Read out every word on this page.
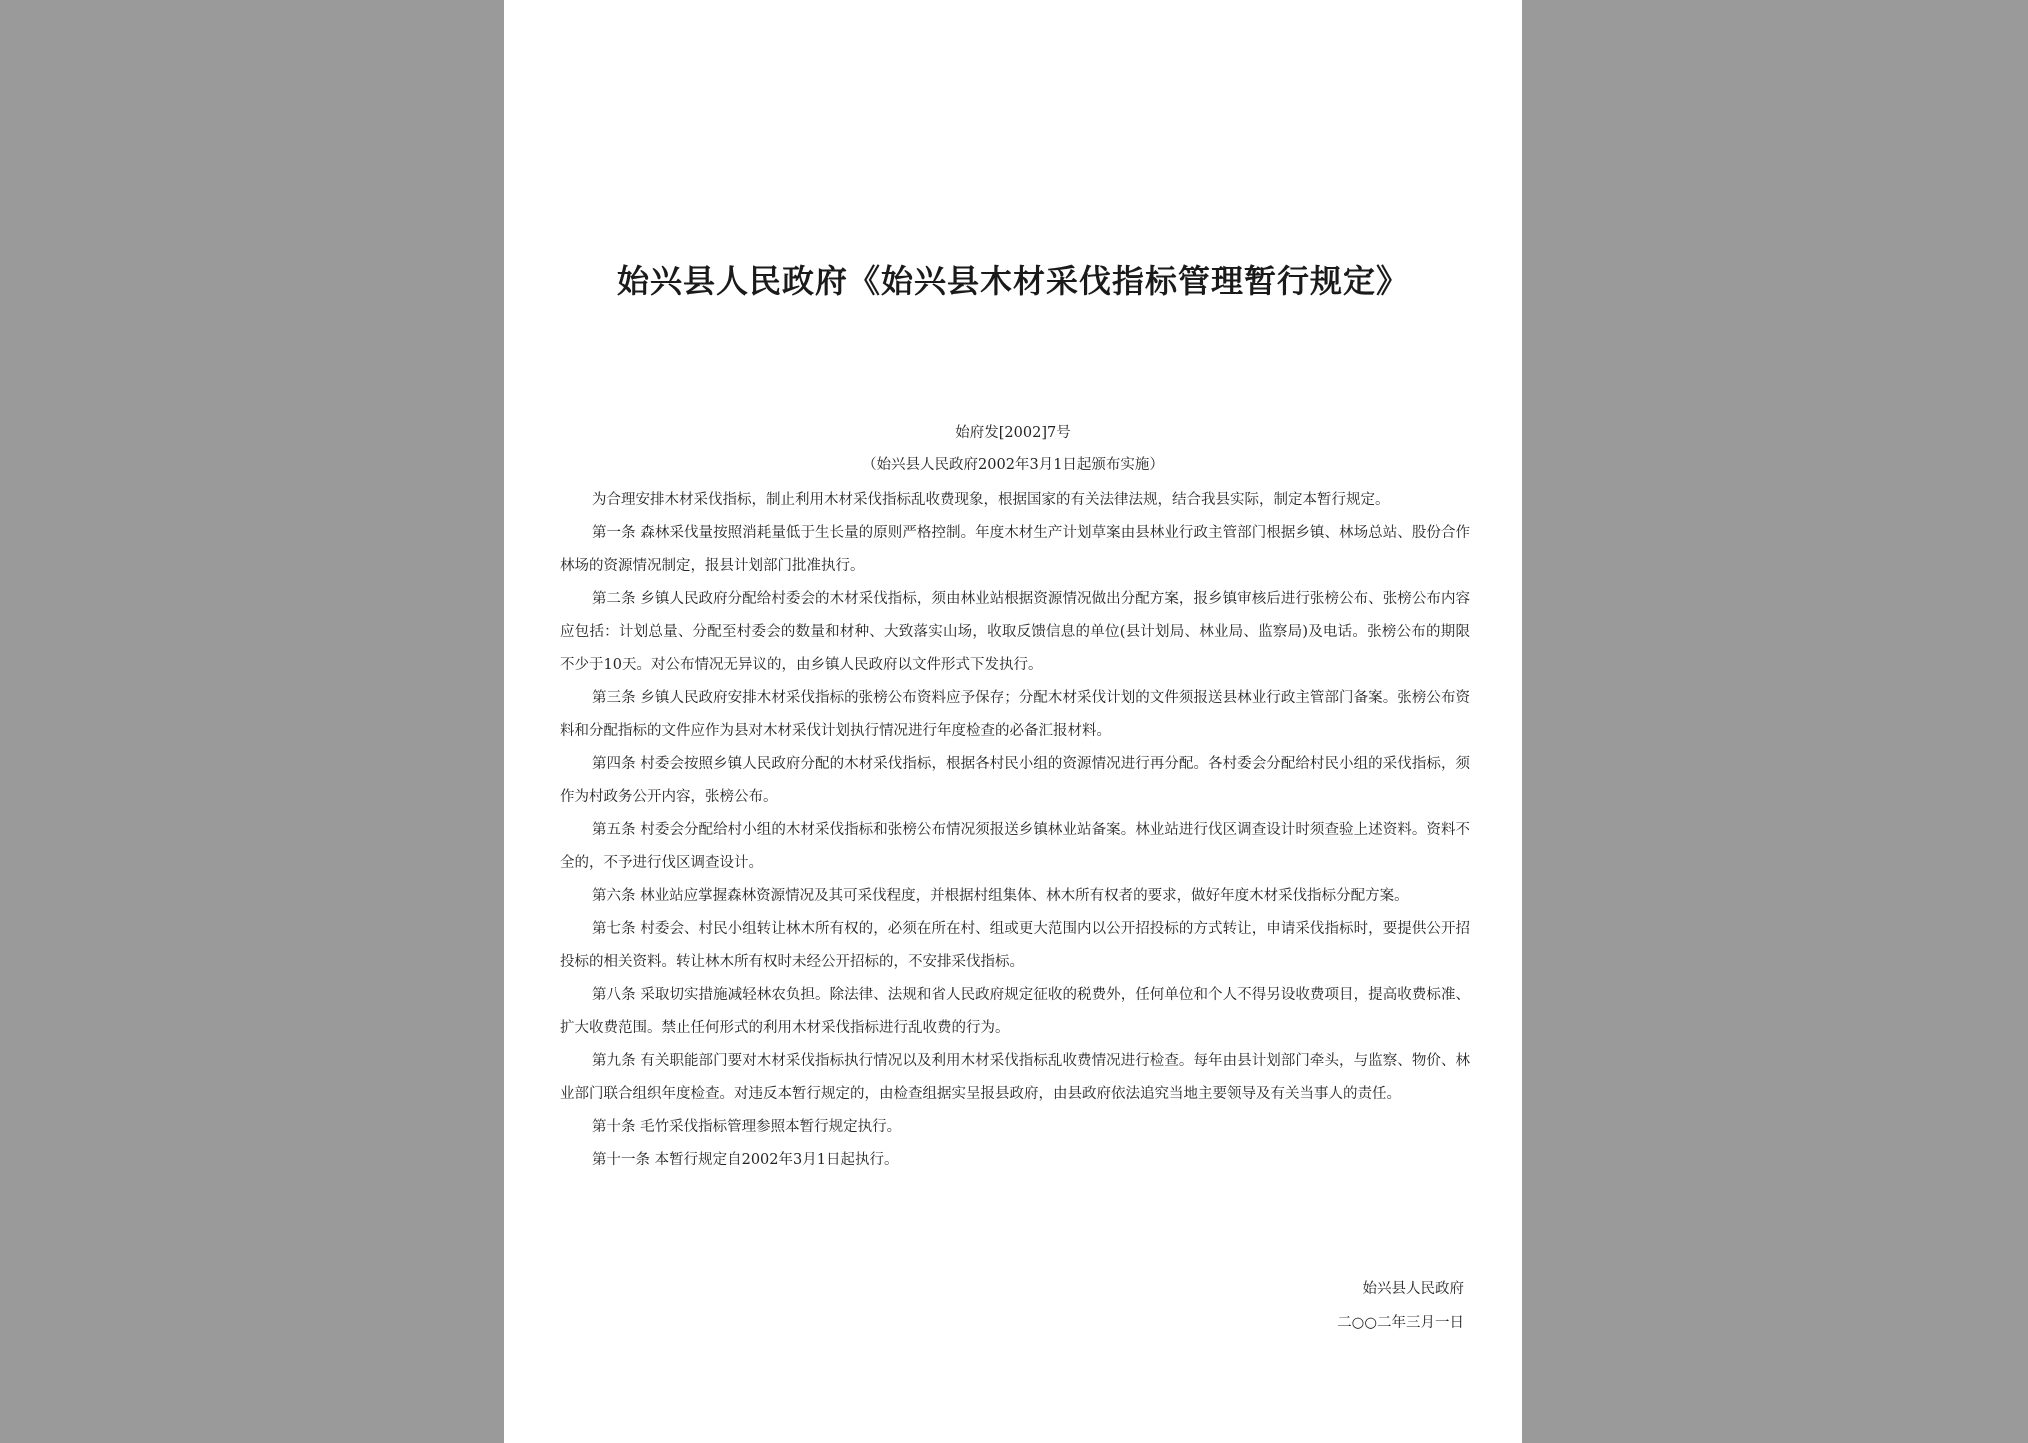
始兴县人民政府《始兴县木材采伐指标管理暂行规定》
始府发[2002]7号
（始兴县人民政府2002年3月1日起颁布实施）

为合理安排木材采伐指标，制止利用木材采伐指标乱收费现象，根据国家的有关法律法规，结合我县实际，制定本暂行规定。

第一条 森林采伐量按照消耗量低于生长量的原则严格控制。年度木材生产计划草案由县林业行政主管部门根据乡镇、林场总站、股份合作林场的资源情况制定，报县计划部门批准执行。

第二条 乡镇人民政府分配给村委会的木材采伐指标，须由林业站根据资源情况做出分配方案，报乡镇审核后进行张榜公布、张榜公布内容应包括：计划总量、分配至村委会的数量和材种、大致落实山场，收取反馈信息的单位(县计划局、林业局、监察局)及电话。张榜公布的期限不少于10天。对公布情况无异议的，由乡镇人民政府以文件形式下发执行。

第三条 乡镇人民政府安排木材采伐指标的张榜公布资料应予保存；分配木材采伐计划的文件须报送县林业行政主管部门备案。张榜公布资料和分配指标的文件应作为县对木材采伐计划执行情况进行年度检查的必备汇报材料。

第四条 村委会按照乡镇人民政府分配的木材采伐指标，根据各村民小组的资源情况进行再分配。各村委会分配给村民小组的采伐指标，须作为村政务公开内容，张榜公布。

第五条 村委会分配给村小组的木材采伐指标和张榜公布情况须报送乡镇林业站备案。林业站进行伐区调查设计时须查验上述资料。资料不全的，不予进行伐区调查设计。

第六条 林业站应掌握森林资源情况及其可采伐程度，并根据村组集体、林木所有权者的要求，做好年度木材采伐指标分配方案。

第七条 村委会、村民小组转让林木所有权的，必须在所在村、组或更大范围内以公开招投标的方式转让，申请采伐指标时，要提供公开招投标的相关资料。转让林木所有权时未经公开招标的，不安排采伐指标。

第八条 采取切实措施减轻林农负担。除法律、法规和省人民政府规定征收的税费外，任何单位和个人不得另设收费项目，提高收费标准、扩大收费范围。禁止任何形式的利用木材采伐指标进行乱收费的行为。

第九条 有关职能部门要对木材采伐指标执行情况以及利用木材采伐指标乱收费情况进行检查。每年由县计划部门牵头，与监察、物价、林业部门联合组织年度检查。对违反本暂行规定的，由检查组据实呈报县政府，由县政府依法追究当地主要领导及有关当事人的责任。

第十条 毛竹采伐指标管理参照本暂行规定执行。

第十一条 本暂行规定自2002年3月1日起执行。

始兴县人民政府
二○○二年三月一日
